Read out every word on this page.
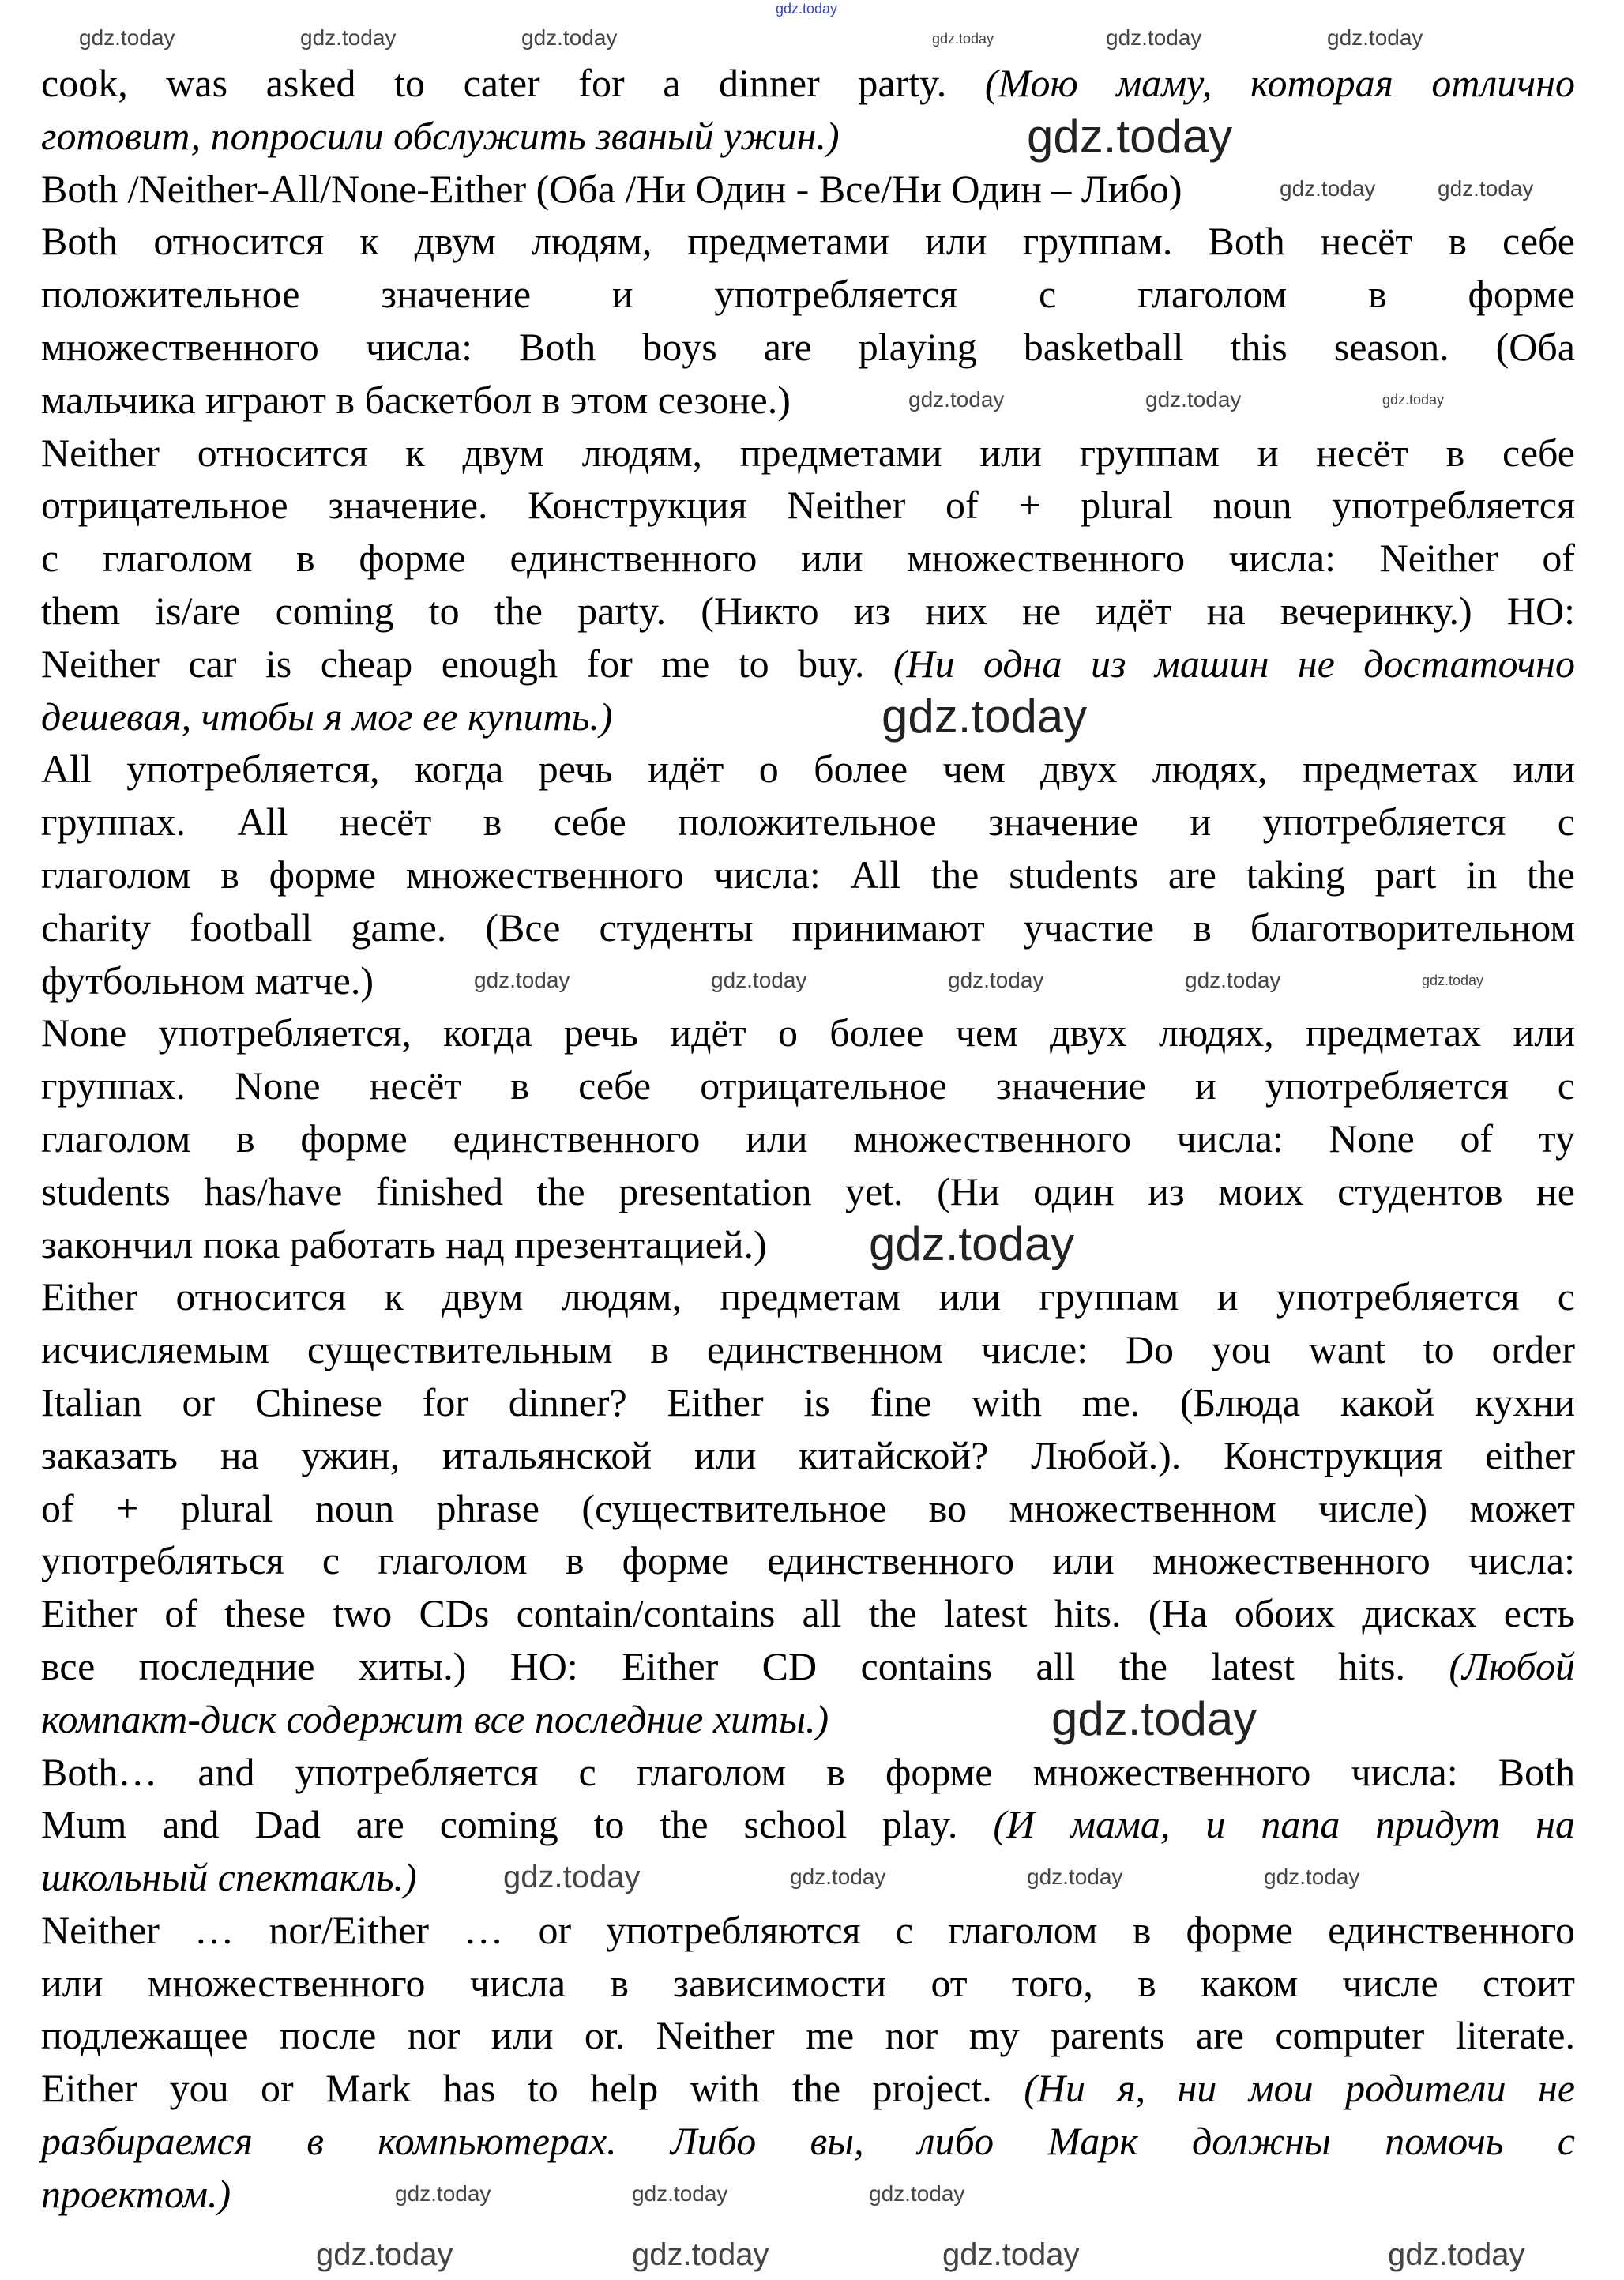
cook, was asked to cater for a dinner party. (Мою маму, которая отлично
готовит, попросили обслужить званый ужин.)
Both /Neither-All/None-Either (Оба /Ни Один - Все/Ни Один – Либо)
Both относится к двум людям, предметами или группам. Both несёт в себе
положительное значение и употребляется с глаголом в форме
множественного числа: Both boys are playing basketball this season. (Оба
мальчика играют в баскетбол в этом сезоне.)
Neither относится к двум людям, предметами или группам и несёт в себе
отрицательное значение. Конструкция Neither of + plural noun употребляется
с глаголом в форме единственного или множественного числа: Neither of
them is/are coming to the party. (Никто из них не идёт на вечеринку.) НО:
Neither car is cheap enough for me to buy. (Ни одна из машин не достаточно
дешевая, чтобы я мог ее купить.)
All употребляется, когда речь идёт о более чем двух людях, предметах или
группах. All несёт в себе положительное значение и употребляется с
глаголом в форме множественного числа: All the students are taking part in the
charity football game. (Все студенты принимают участие в благотворительном
футбольном матче.)
None употребляется, когда речь идёт о более чем двух людях, предметах или
группах. None несёт в себе отрицательное значение и употребляется с
глаголом в форме единственного или множественного числа: None of ту
students has/have finished the presentation yet. (Ни один из моих студентов не
закончил пока работать над презентацией.)
Either относится к двум людям, предметам или группам и употребляется с
исчисляемым существительным в единственном числе: Do you want to order
Italian or Chinese for dinner? Either is fine with me. (Блюда какой кухни
заказать на ужин, итальянской или китайской? Любой.). Конструкция either
of + plural noun phrase (существительное во множественном числе) может
употребляться с глаголом в форме единственного или множественного числа:
Either of these two CDs contain/contains all the latest hits. (На обоих дисках есть
все последние хиты.) НО: Either CD contains all the latest hits. (Любой
компакт-диск содержит все последние хиты.)
Both… and употребляется с глаголом в форме множественного числа: Both
Mum and Dad are coming to the school play. (И мама, и папа придут на
школьный спектакль.)
Neither … nor/Either … or употребляются с глаголом в форме единственного
или множественного числа в зависимости от того, в каком числе стоит
подлежащее после nor или or. Neither me nor my parents are computer literate.
Either you or Mark has to help with the project. (Ни я, ни мои родители не
разбираемся в компьютерах. Либо вы, либо Марк должны помочь с
проектом.)
gdz.today
gdz.today	gdz.today	gdz.today	gdz.today	gdz.today	gdz.today
gdz.today
gdz.today	gdz.today
gdz.today	gdz.today	gdz.today
gdz.today
gdz.today	gdz.today	gdz.today	gdz.today	gdz.today
gdz.today
gdz.today
gdz.today	gdz.today	gdz.today	gdz.today
gdz.today	gdz.today	gdz.today
gdz.today	gdz.today	gdz.today	gdz.today
